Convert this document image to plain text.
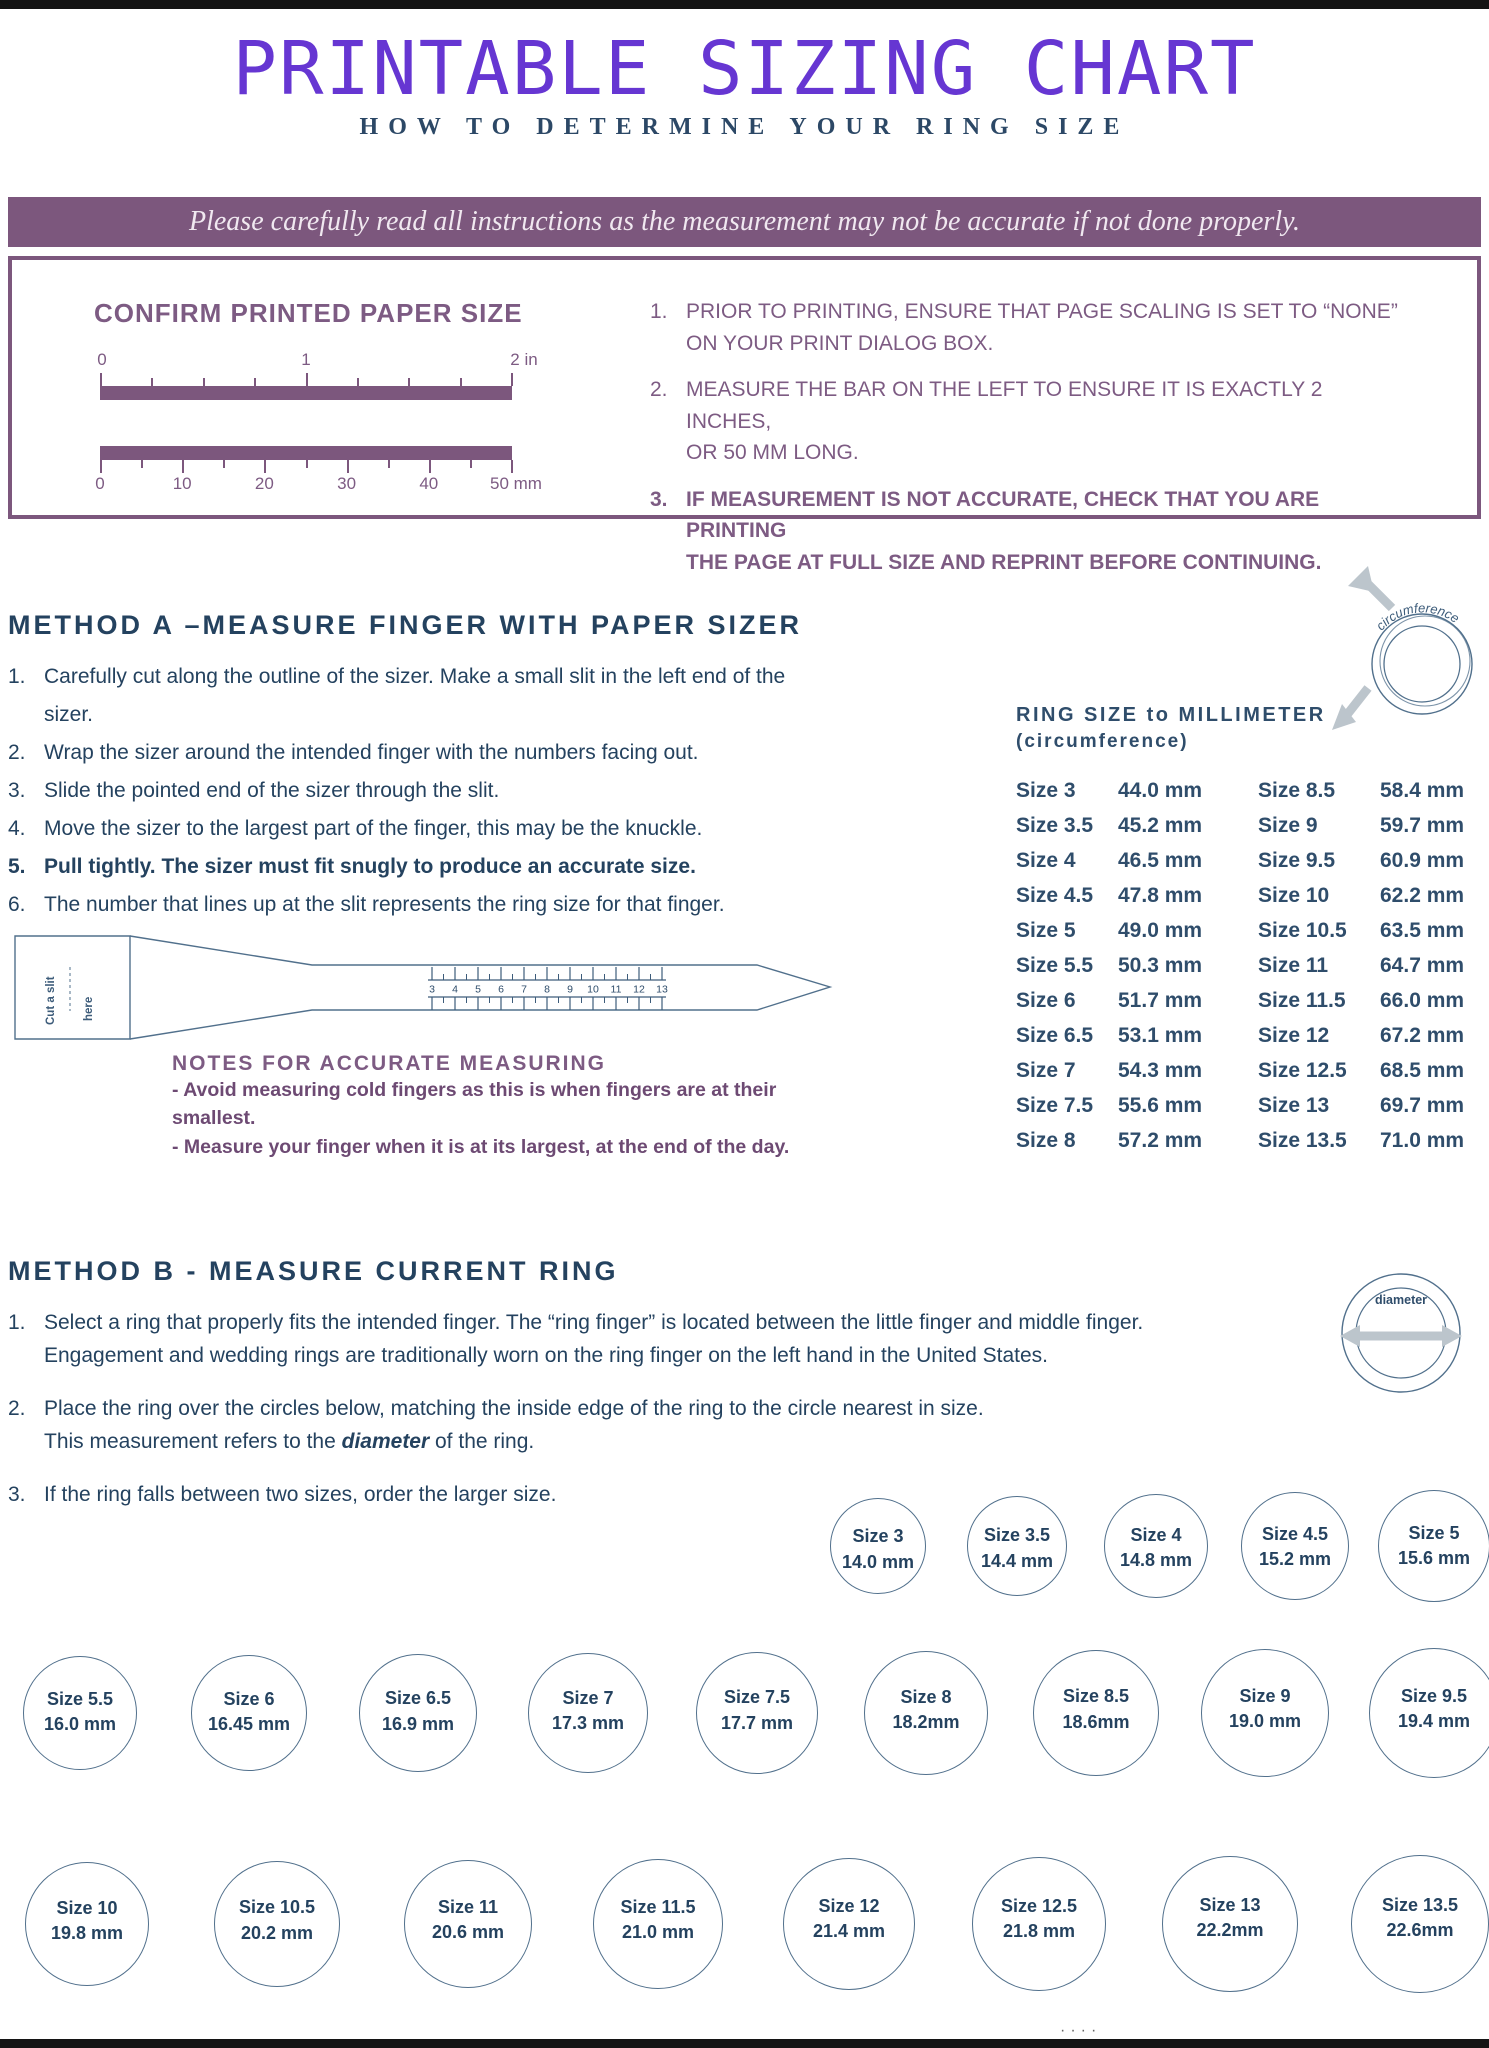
PRINTABLE SIZING CHART
HOW TO DETERMINE YOUR RING SIZE
Please carefully read all instructions as the measurement may not be accurate if not done properly.
CONFIRM PRINTED PAPER SIZE
0	1	2 in
0	10	20	30	40	50 mm
1. PRIOR TO PRINTING, ENSURE THAT PAGE SCALING IS SET TO “NONE”
ON YOUR PRINT DIALOG BOX.
2. MEASURE THE BAR ON THE LEFT TO ENSURE IT IS EXACTLY 2 INCHES,
OR 50 MM LONG.
3. IF MEASUREMENT IS NOT ACCURATE, CHECK THAT YOU ARE PRINTING
THE PAGE AT FULL SIZE AND REPRINT BEFORE CONTINUING.
circumference
METHOD A –MEASURE FINGER WITH PAPER SIZER
1. Carefully cut along the outline of the sizer. Make a small slit in the left end of the sizer.
2. Wrap the sizer around the intended finger with the numbers facing out.
3. Slide the pointed end of the sizer through the slit.
4. Move the sizer to the largest part of the finger, this may be the knuckle.
5. Pull tightly. The sizer must fit snugly to produce an accurate size.
6. The number that lines up at the slit represents the ring size for that finger.
RING SIZE to MILLIMETER
(circumference)
Size 3	44.0 mm	Size 8.5	58.4 mm
Size 3.5	45.2 mm	Size 9	59.7 mm
Size 4	46.5 mm	Size 9.5	60.9 mm
Size 4.5	47.8 mm	Size 10	62.2 mm
Size 5	49.0 mm	Size 10.5	63.5 mm
Size 5.5	50.3 mm	Size 11	64.7 mm
Size 6	51.7 mm	Size 11.5	66.0 mm
Size 6.5	53.1 mm	Size 12	67.2 mm
Size 7	54.3 mm	Size 12.5	68.5 mm
Size 7.5	55.6 mm	Size 13	69.7 mm
Size 8	57.2 mm	Size 13.5	71.0 mm
Cut a slit here
3 4 5 6 7 8 9 10 11 12 13
NOTES FOR ACCURATE MEASURING
- Avoid measuring cold fingers as this is when fingers are at their smallest.
- Measure your finger when it is at its largest, at the end of the day.
METHOD B - MEASURE CURRENT RING
1. Select a ring that properly fits the intended finger. The “ring finger” is located between the little finger and middle finger.
Engagement and wedding rings are traditionally worn on the ring finger on the left hand in the United States.
2. Place the ring over the circles below, matching the inside edge of the ring to the circle nearest in size.
This measurement refers to the diameter of the ring.
3. If the ring falls between two sizes, order the larger size.
diameter
Size 3
14.0 mm
Size 3.5
14.4 mm
Size 4
14.8 mm
Size 4.5
15.2 mm
Size 5
15.6 mm
Size 5.5
16.0 mm
Size 6
16.45 mm
Size 6.5
16.9 mm
Size 7
17.3 mm
Size 7.5
17.7 mm
Size 8
18.2mm
Size 8.5
18.6mm
Size 9
19.0 mm
Size 9.5
19.4 mm
Size 10
19.8 mm
Size 10.5
20.2 mm
Size 11
20.6 mm
Size 11.5
21.0 mm
Size 12
21.4 mm
Size 12.5
21.8 mm
Size 13
22.2mm
Size 13.5
22.6mm
····
